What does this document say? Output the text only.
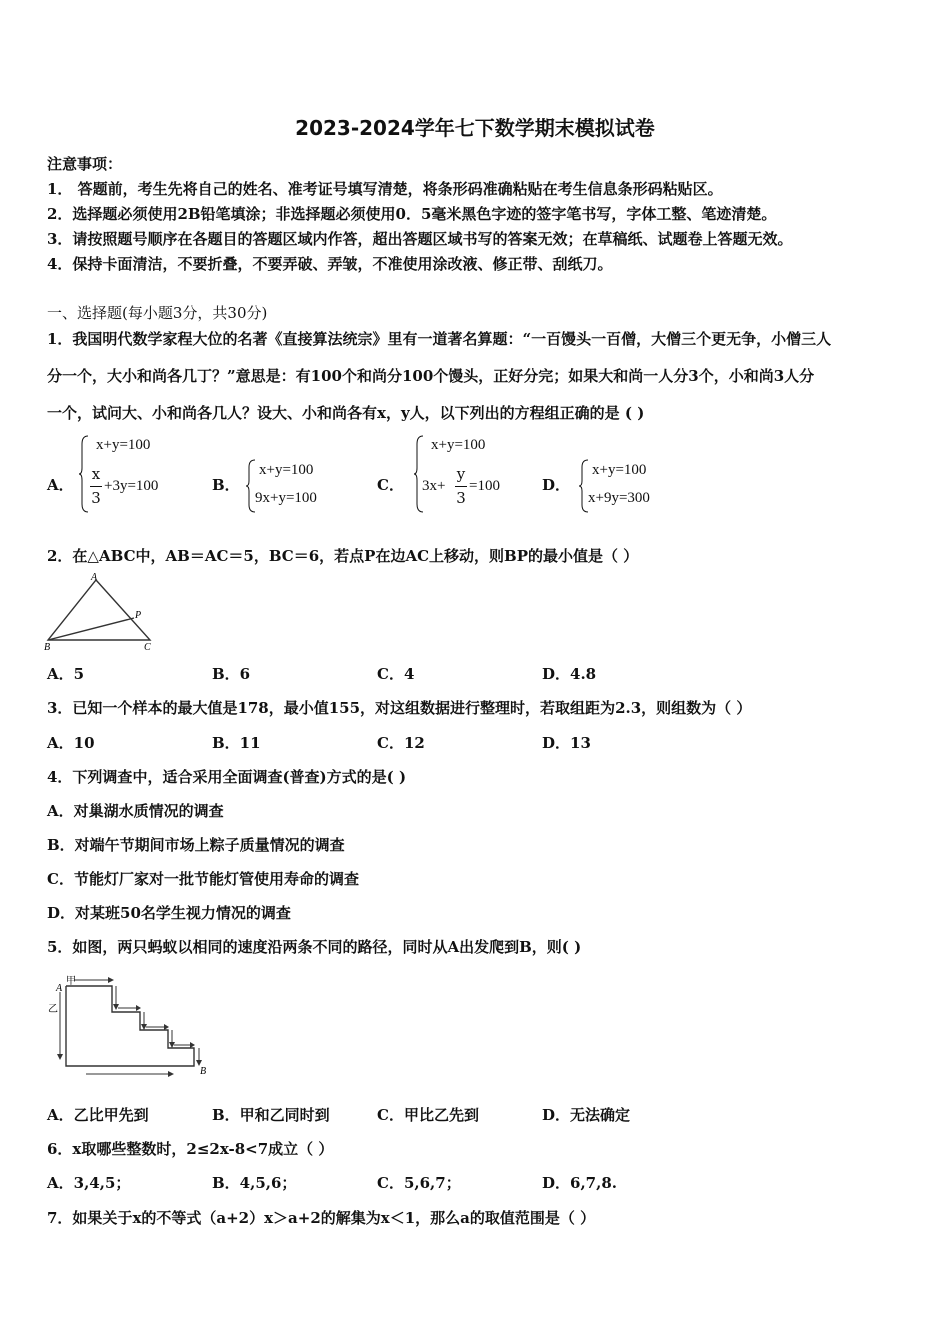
2023-2024学年七下数学期末模拟试卷
注意事项：
1． 答题前，考生先将自己的姓名、准考证号填写清楚，将条形码准确粘贴在考生信息条形码粘贴区。
2．选择题必须使用2B铅笔填涂；非选择题必须使用0．5毫米黑色字迹的签字笔书写，字体工整、笔迹清楚。
3．请按照题号顺序在各题目的答题区域内作答，超出答题区域书写的答案无效；在草稿纸、试题卷上答题无效。
4．保持卡面清洁，不要折叠，不要弄破、弄皱，不准使用涂改液、修正带、刮纸刀。
一、选择题(每小题3分，共30分)
1．我国明代数学家程大位的名著《直接算法统宗》里有一道著名算题：“一百馒头一百僧，大僧三个更无争，小僧三人
分一个，大小和尚各几丁？”意思是：有100个和尚分100个馒头，正好分完；如果大和尚一人分3个，小和尚3人分
一个，试问大、小和尚各几人？设大、小和尚各有x，y人，以下列出的方程组正确的是 ( )
A．
x+y=100
x
3
+3y=100	B．
x+y=100
9x+y=100
C．
x+y=100
3x+
y
3
=100	D．
x+y=100
x+9y=300
2．在△ABC中，AB＝AC＝5，BC＝6，若点P在边AC上移动，则BP的最小值是（ ）
A
B	C
P
A．5	B．6	C．4	D．4.8
3．已知一个样本的最大值是178，最小值155，对这组数据进行整理时，若取组距为2.3，则组数为（ ）
A．10	B．11	C．12	D．13
4．下列调查中，适合采用全面调查(普查)方式的是( )
A．对巢湖水质情况的调查
B．对端午节期间市场上粽子质量情况的调查
C．节能灯厂家对一批节能灯管使用寿命的调查
D．对某班50名学生视力情况的调查
5．如图，两只蚂蚁以相同的速度沿两条不同的路径，同时从A出发爬到B，则( )
甲
A
乙
B
A．乙比甲先到	B．甲和乙同时到	C．甲比乙先到	D．无法确定
6．x取哪些整数时，2≤2x-8<7成立（ ）
A．3,4,5；	B．4,5,6；	C．5,6,7；	D．6,7,8.
7．如果关于x的不等式（a+2）x＞a+2的解集为x＜1，那么a的取值范围是（ ）
